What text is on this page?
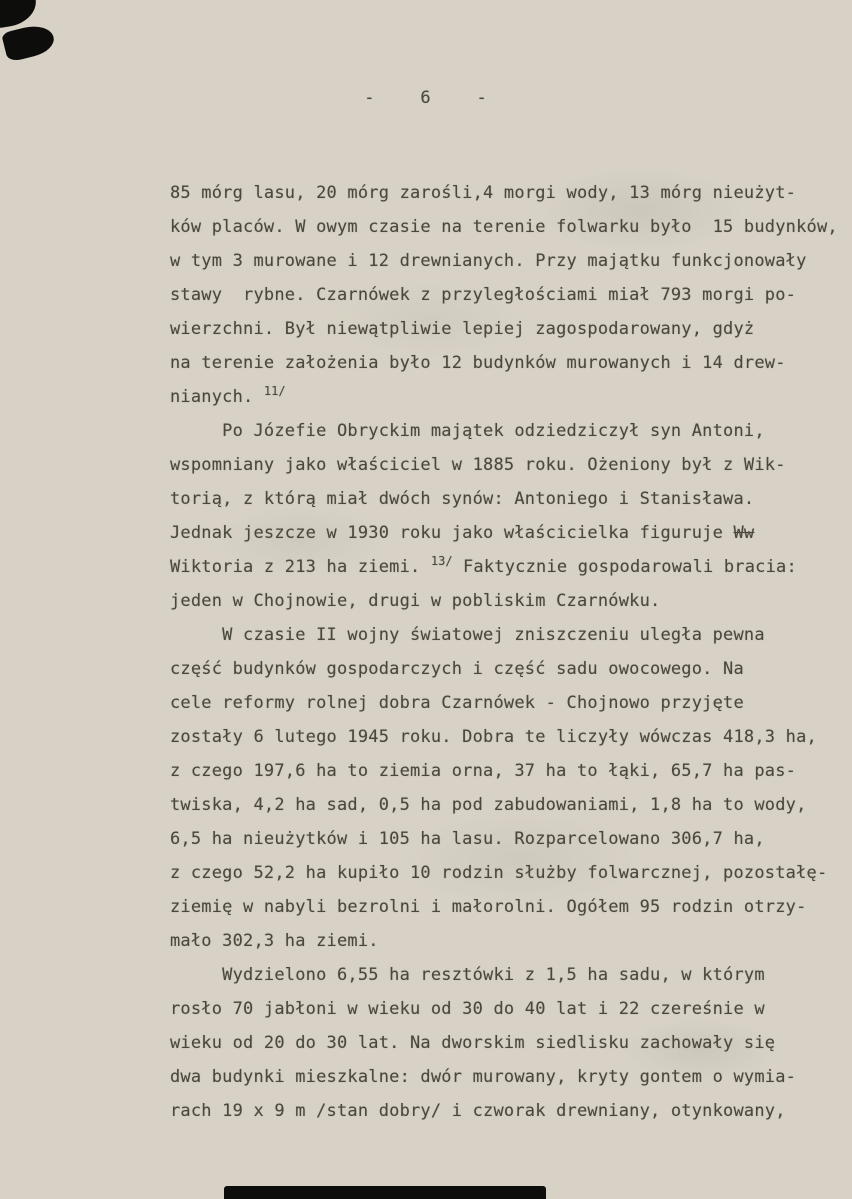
-    6    -
85 mórg lasu, 20 mórg zarośli,4 morgi wody, 13 mórg nieużyt-
ków placów. W owym czasie na terenie folwarku było  15 budynków,
w tym 3 murowane i 12 drewnianych. Przy majątku funkcjonowały
stawy  rybne. Czarnówek z przyległościami miał 793 morgi po-
wierzchni. Był niewątpliwie lepiej zagospodarowany, gdyż
na terenie założenia było 12 budynków murowanych i 14 drew-
nianych. $^{11/}$
Po Józefie Obryckim majątek odziedziczył syn Antoni,
wspomniany jako właściciel w 1885 roku. Ożeniony był z Wik-
torią, z którą miał dwóch synów: Antoniego i Stanisława.
Jednak jeszcze w 1930 roku jako właścicielka figuruje Ww
Wiktoria z 213 ha ziemi. $^{13/}$ Faktycznie gospodarowali bracia:
jeden w Chojnowie, drugi w pobliskim Czarnówku.
W czasie II wojny światowej zniszczeniu uległa pewna
część budynków gospodarczych i część sadu owocowego. Na
cele reformy rolnej dobra Czarnówek - Chojnowo przyjęte
zostały 6 lutego 1945 roku. Dobra te liczyły wówczas 418,3 ha,
z czego 197,6 ha to ziemia orna, 37 ha to łąki, 65,7 ha pas-
twiska, 4,2 ha sad, 0,5 ha pod zabudowaniami, 1,8 ha to wody,
6,5 ha nieużytków i 105 ha lasu. Rozparcelowano 306,7 ha,
z czego 52,2 ha kupiło 10 rodzin służby folwarcznej, pozostałę-
ziemię w nabyli bezrolni i małorolni. Ogółem 95 rodzin otrzy-
mało 302,3 ha ziemi.
Wydzielono 6,55 ha resztówki z 1,5 ha sadu, w którym
rosło 70 jabłoni w wieku od 30 do 40 lat i 22 czereśnie w
wieku od 20 do 30 lat. Na dworskim siedlisku zachowały się
dwa budynki mieszkalne: dwór murowany, kryty gontem o wymia-
rach 19 x 9 m /stan dobry/ i czworak drewniany, otynkowany,
